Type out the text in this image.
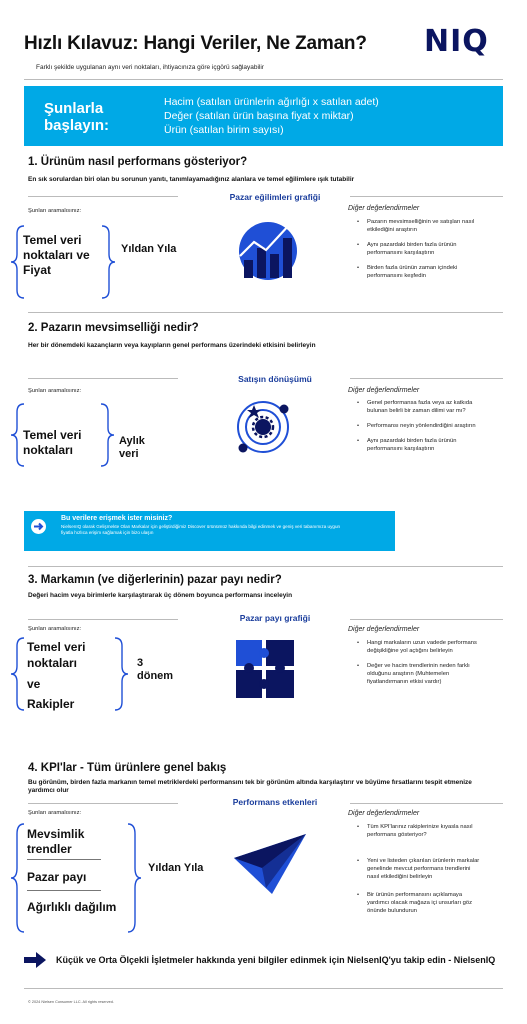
Hızlı Kılavuz: Hangi Veriler, Ne Zaman? NIQ
Farklı şekilde uygulanan aynı veri noktaları, ihtiyacınıza göre içgörü sağlayabilir
Şunlarla başlayın:
Hacim (satılan ürünlerin ağırlığı x satılan adet)
Değer (satılan ürün başına fiyat x miktar)
Ürün (satılan birim sayısı)
1. Ürünüm nasıl performans gösteriyor?
En sık sorulardan biri olan bu sorunun yanıtı, tanımlayamadığınız alanlara ve temel eğilimlere ışık tutabilir
Pazar eğilimleri grafiği
Şunları aramalısınız:	Diğer değerlendirmeler
Temel veri noktaları ve Fiyat
Yıldan Yıla
• Pazarın mevsimselliğinin ve satışları nasıl etkilediğini araştırın
• Aynı pazardaki birden fazla ürünün performansını karşılaştırın
• Birden fazla ürünün zaman içindeki performansını keşfedin
2. Pazarın mevsimselliği nedir?
Her bir dönemdeki kazançların veya kayıpların genel performans üzerindeki etkisini belirleyin
Satışın dönüşümü
Şunları aramalısınız:	Diğer değerlendirmeler
Temel veri noktaları
Aylık veri
• Genel performansa fazla veya az katkıda bulunan belirli bir zaman dilimi var mı?
• Performansı neyin yönlendirdiğini araştırın
• Aynı pazardaki birden fazla ürünün performansını karşılaştırın
Bu verilere erişmek ister misiniz?
NielsenIQ olarak Gelişmekte Olan Markalar için geliştirdiğimiz Discover ürünümüz hakkında bilgi edinmek ve geniş veri tabanımıza uygun fiyatla hızlıca erişim sağlamak için bizo ulaşın
3. Markamın (ve diğerlerinin) pazar payı nedir?
Değeri hacim veya birimlerle karşılaştırarak üç dönem boyunca performansı inceleyin
Pazar payı grafiği
Şunları aramalısınız:	Diğer değerlendirmeler
Temel veri
noktaları
ve
Rakipler
3 dönem
• Hangi markaların uzun vadede performans değişikliğine yol açtığını belirleyin
• Değer ve hacim trendlerinin neden farklı olduğunu araştırın (Muhtemelen fiyatlandırmanın etkisi vardır)
4. KPI'lar - Tüm ürünlere genel bakış
Bu görünüm, birden fazla markanın temel metriklerdeki performansını tek bir görünüm altında karşılaştırır ve büyüme fırsatlarını tespit etmenize yardımcı olur
Performans etkenleri
Şunları aramalısınız:	Diğer değerlendirmeler
Mevsimlik trendler
Pazar payı
Ağırlıklı dağılım
Yıldan Yıla
• Tüm KPI'larınız rakiplerinize kıyasla nasıl performans gösteriyor?
• Yeni ve listeden çıkarılan ürünlerin markalar genelinde mevcut performans trendlerini nasıl etkilediğini belirleyin
• Bir ürünün performansını açıklamaya yardımcı olacak mağaza içi unsurları göz önünde bulundurun
Küçük ve Orta Ölçekli İşletmeler hakkında yeni bilgiler edinmek için NielsenIQ'yu takip edin - NielsenIQ
© 2024 Nielsen Consumer LLC. All rights reserved.
